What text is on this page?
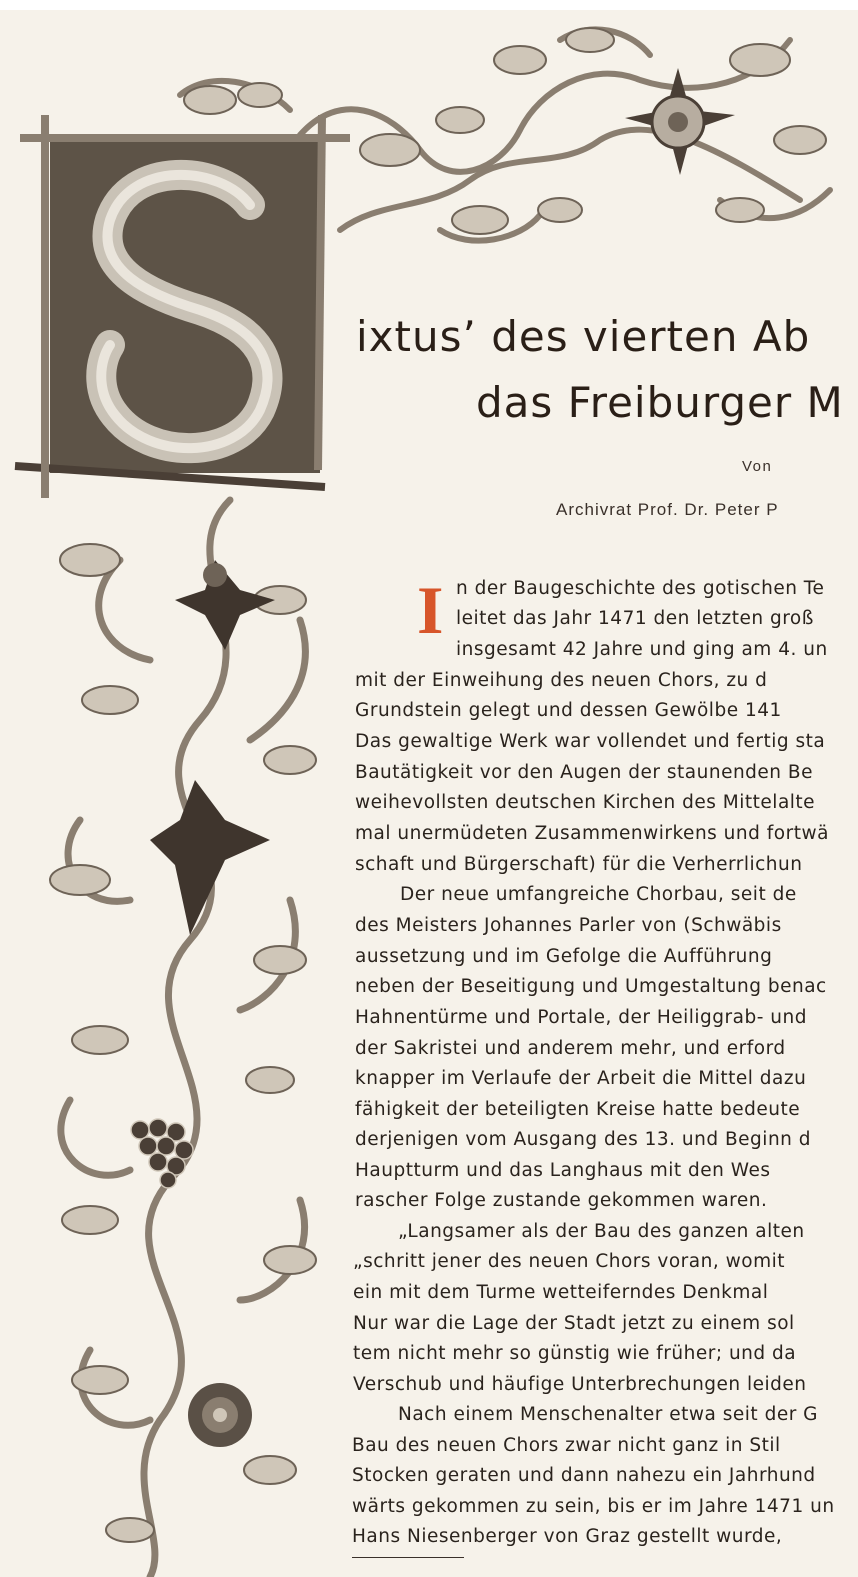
ixtus’ des vierten Ab
das Freiburger M
Von
Archivrat Prof. Dr. Peter P
I n der Baugeschichte des gotischen Te
leitet das Jahr 1471 den letzten groß
insgesamt 42 Jahre und ging am 4. un
mit der Einweihung des neuen Chors, zu d
Grundstein gelegt und dessen Gewölbe 141
Das gewaltige Werk war vollendet und fertig sta
Bautätigkeit vor den Augen der staunenden Be
weihevollsten deutschen Kirchen des Mittelalte
mal unermüdeten Zusammenwirkens und fortwä
schaft und Bürgerschaft) für die Verherrlichun
Der neue umfangreiche Chorbau, seit de
des Meisters Johannes Parler von (Schwäbis
aussetzung und im Gefolge die Aufführung
neben der Beseitigung und Umgestaltung benac
Hahnentürme und Portale, der Heiliggrab- und
der Sakristei und anderem mehr, und erford
knapper im Verlaufe der Arbeit die Mittel dazu
fähigkeit der beteiligten Kreise hatte bedeute
derjenigen vom Ausgang des 13. und Beginn d
Hauptturm und das Langhaus mit den Wes
rascher Folge zustande gekommen waren.
„Langsamer als der Bau des ganzen alten
„schritt jener des neuen Chors voran, womit
ein mit dem Turme wetteiferndes Denkmal
Nur war die Lage der Stadt jetzt zu einem sol
tem nicht mehr so günstig wie früher; und da
Verschub und häufige Unterbrechungen leiden
Nach einem Menschenalter etwa seit der G
Bau des neuen Chors zwar nicht ganz in Stil
Stocken geraten und dann nahezu ein Jahrhund
wärts gekommen zu sein, bis er im Jahre 1471 un
Hans Niesenberger von Graz gestellt wurde,
